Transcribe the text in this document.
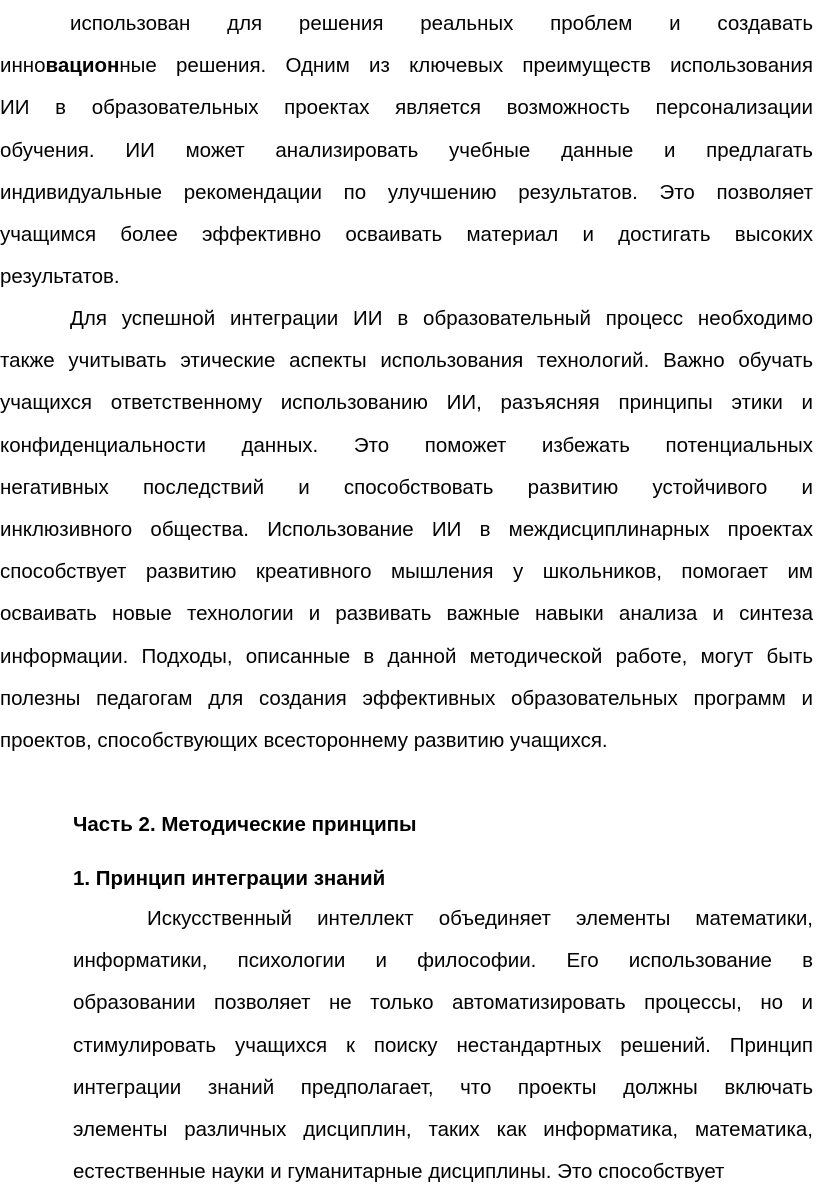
использован для решения реальных проблем и создавать
инновационные решения. Одним из ключевых преимуществ использования
ИИ в образовательных проектах является возможность персонализации
обучения. ИИ может анализировать учебные данные и предлагать
индивидуальные рекомендации по улучшению результатов. Это позволяет
учащимся более эффективно осваивать материал и достигать высоких
результатов.
Для успешной интеграции ИИ в образовательный процесс необходимо
также учитывать этические аспекты использования технологий. Важно обучать
учащихся ответственному использованию ИИ, разъясняя принципы этики и
конфиденциальности данных. Это поможет избежать потенциальных
негативных последствий и способствовать развитию устойчивого и
инклюзивного общества. Использование ИИ в междисциплинарных проектах
способствует развитию креативного мышления у школьников, помогает им
осваивать новые технологии и развивать важные навыки анализа и синтеза
информации. Подходы, описанные в данной методической работе, могут быть
полезны педагогам для создания эффективных образовательных программ и
проектов, способствующих всестороннему развитию учащихся.
Часть 2. Методические принципы
1. Принцип интеграции знаний
Искусственный интеллект объединяет элементы математики,
информатики, психологии и философии. Его использование в
образовании позволяет не только автоматизировать процессы, но и
стимулировать учащихся к поиску нестандартных решений. Принцип
интеграции знаний предполагает, что проекты должны включать
элементы различных дисциплин, таких как информатика, математика,
естественные науки и гуманитарные дисциплины. Это способствует
